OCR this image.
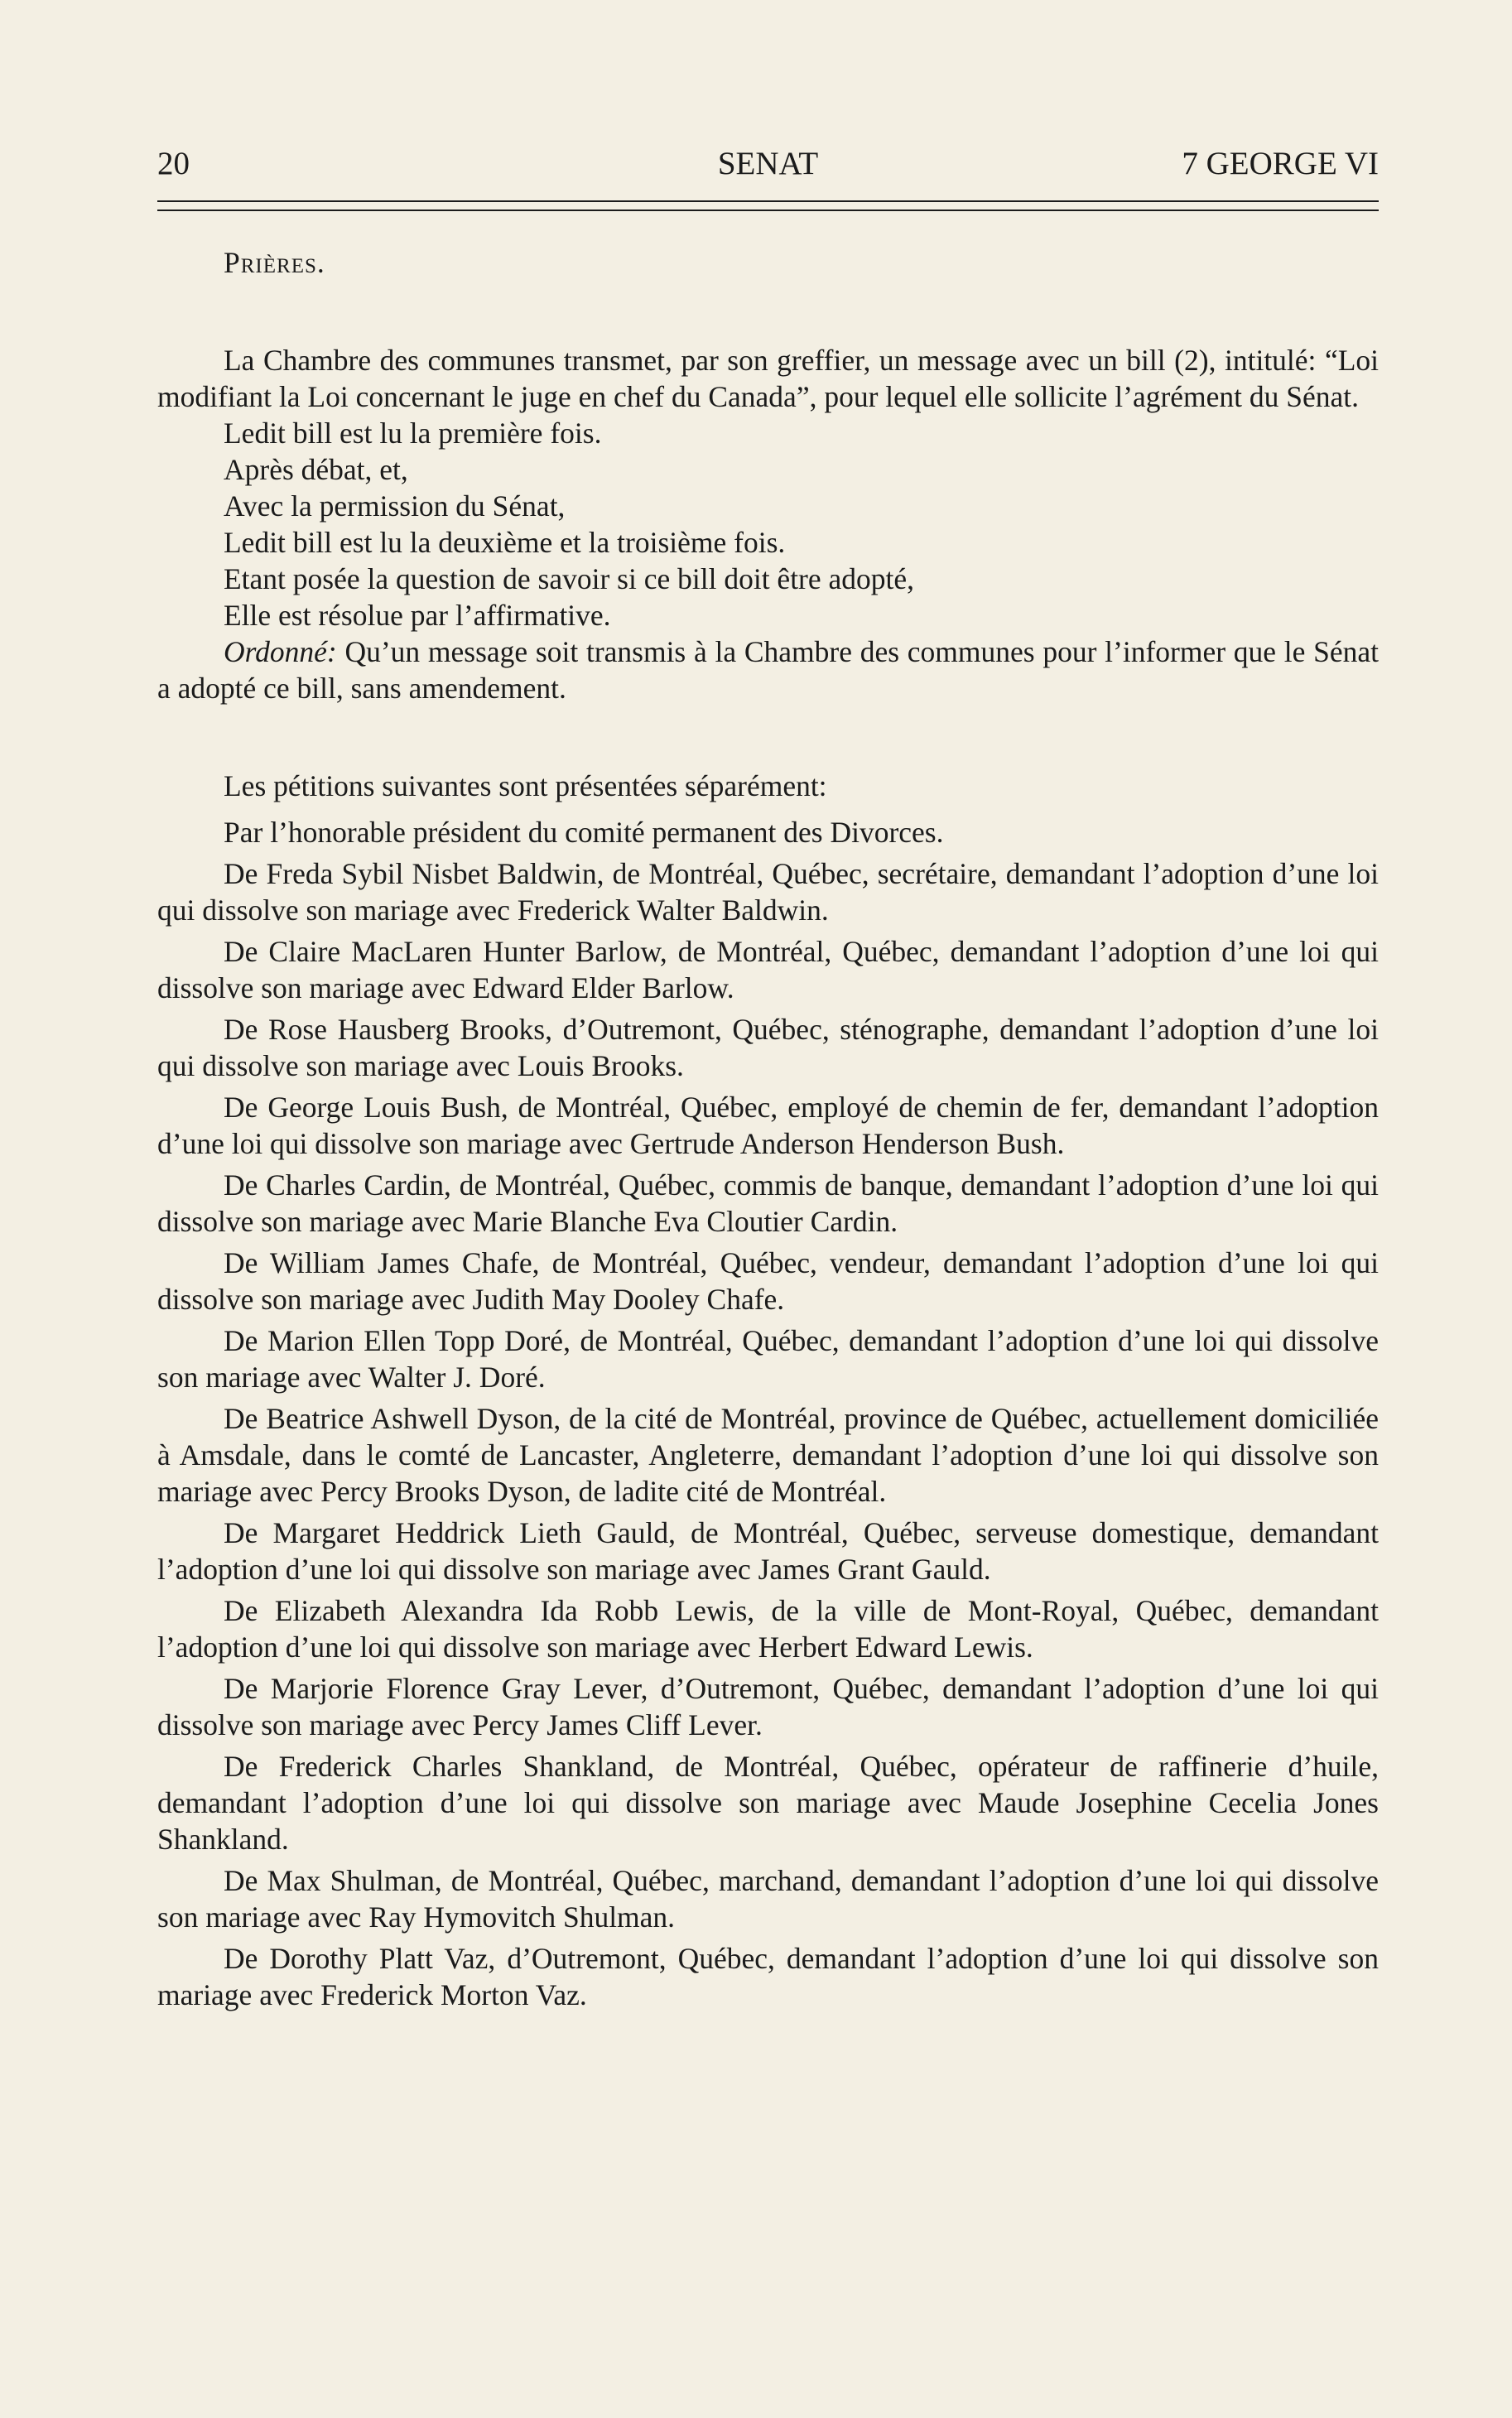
20	SENAT	7 GEORGE VI

Prières.

La Chambre des communes transmet, par son greffier, un message avec un bill (2), intitulé: “Loi modifiant la Loi concernant le juge en chef du Canada”, pour lequel elle sollicite l’agrément du Sénat.

Ledit bill est lu la première fois.

Après débat, et,

Avec la permission du Sénat,

Ledit bill est lu la deuxième et la troisième fois.

Etant posée la question de savoir si ce bill doit être adopté,

Elle est résolue par l’affirmative.

Ordonné: Qu’un message soit transmis à la Chambre des communes pour l’informer que le Sénat a adopté ce bill, sans amendement.

Les pétitions suivantes sont présentées séparément:

Par l’honorable président du comité permanent des Divorces.

De Freda Sybil Nisbet Baldwin, de Montréal, Québec, secrétaire, demandant l’adoption d’une loi qui dissolve son mariage avec Frederick Walter Baldwin.

De Claire MacLaren Hunter Barlow, de Montréal, Québec, demandant l’adoption d’une loi qui dissolve son mariage avec Edward Elder Barlow.

De Rose Hausberg Brooks, d’Outremont, Québec, sténographe, demandant l’adoption d’une loi qui dissolve son mariage avec Louis Brooks.

De George Louis Bush, de Montréal, Québec, employé de chemin de fer, demandant l’adoption d’une loi qui dissolve son mariage avec Gertrude Anderson Henderson Bush.

De Charles Cardin, de Montréal, Québec, commis de banque, demandant l’adoption d’une loi qui dissolve son mariage avec Marie Blanche Eva Cloutier Cardin.

De William James Chafe, de Montréal, Québec, vendeur, demandant l’adoption d’une loi qui dissolve son mariage avec Judith May Dooley Chafe.

De Marion Ellen Topp Doré, de Montréal, Québec, demandant l’adoption d’une loi qui dissolve son mariage avec Walter J. Doré.

De Beatrice Ashwell Dyson, de la cité de Montréal, province de Québec, actuellement domiciliée à Amsdale, dans le comté de Lancaster, Angleterre, demandant l’adoption d’une loi qui dissolve son mariage avec Percy Brooks Dyson, de ladite cité de Montréal.

De Margaret Heddrick Lieth Gauld, de Montréal, Québec, serveuse domestique, demandant l’adoption d’une loi qui dissolve son mariage avec James Grant Gauld.

De Elizabeth Alexandra Ida Robb Lewis, de la ville de Mont-Royal, Québec, demandant l’adoption d’une loi qui dissolve son mariage avec Herbert Edward Lewis.

De Marjorie Florence Gray Lever, d’Outremont, Québec, demandant l’adoption d’une loi qui dissolve son mariage avec Percy James Cliff Lever.

De Frederick Charles Shankland, de Montréal, Québec, opérateur de raffinerie d’huile, demandant l’adoption d’une loi qui dissolve son mariage avec Maude Josephine Cecelia Jones Shankland.

De Max Shulman, de Montréal, Québec, marchand, demandant l’adoption d’une loi qui dissolve son mariage avec Ray Hymovitch Shulman.

De Dorothy Platt Vaz, d’Outremont, Québec, demandant l’adoption d’une loi qui dissolve son mariage avec Frederick Morton Vaz.
